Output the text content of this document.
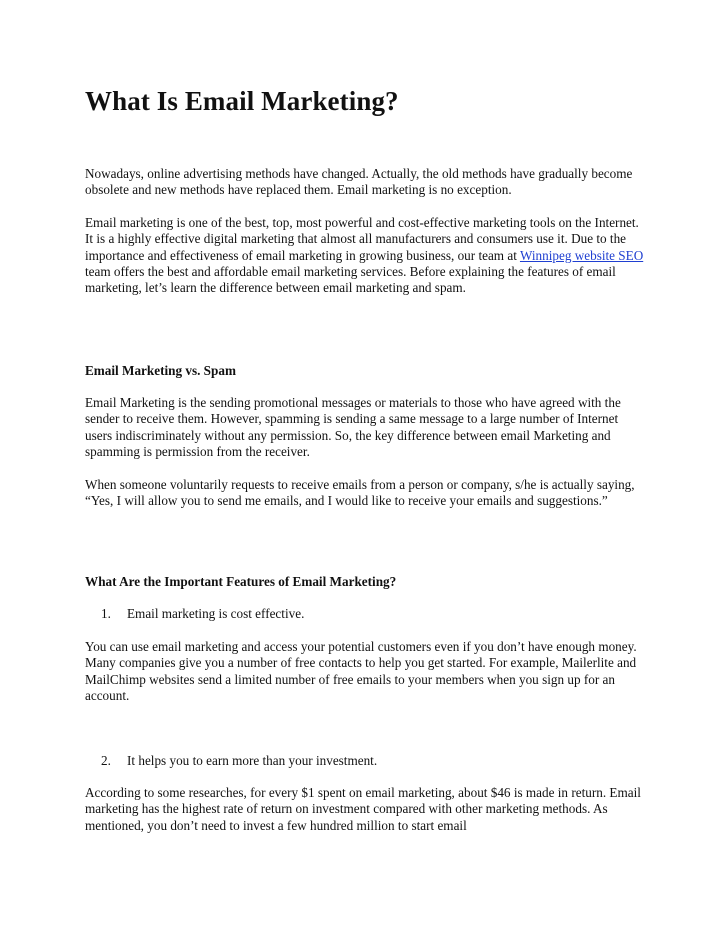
What Is Email Marketing?

Nowadays, online advertising methods have changed. Actually, the old methods have gradually become obsolete and new methods have replaced them. Email marketing is no exception.

Email marketing is one of the best, top, most powerful and cost-effective marketing tools on the Internet. It is a highly effective digital marketing that almost all manufacturers and consumers use it. Due to the importance and effectiveness of email marketing in growing business, our team at Winnipeg website SEO team offers the best and affordable email marketing services. Before explaining the features of email marketing, let’s learn the difference between email marketing and spam.

Email Marketing vs. Spam

Email Marketing is the sending promotional messages or materials to those who have agreed with the sender to receive them. However, spamming is sending a same message to a large number of Internet users indiscriminately without any permission. So, the key difference between email Marketing and spamming is permission from the receiver.

When someone voluntarily requests to receive emails from a person or company, s/he is actually saying, “Yes, I will allow you to send me emails, and I would like to receive your emails and suggestions.”

What Are the Important Features of Email Marketing?
1. Email marketing is cost effective.

You can use email marketing and access your potential customers even if you don’t have enough money. Many companies give you a number of free contacts to help you get started. For example, Mailerlite and MailChimp websites send a limited number of free emails to your members when you sign up for an account.

2. It helps you to earn more than your investment.

According to some researches, for every $1 spent on email marketing, about $46 is made in return. Email marketing has the highest rate of return on investment compared with other marketing methods. As mentioned, you don’t need to invest a few hundred million to start email
